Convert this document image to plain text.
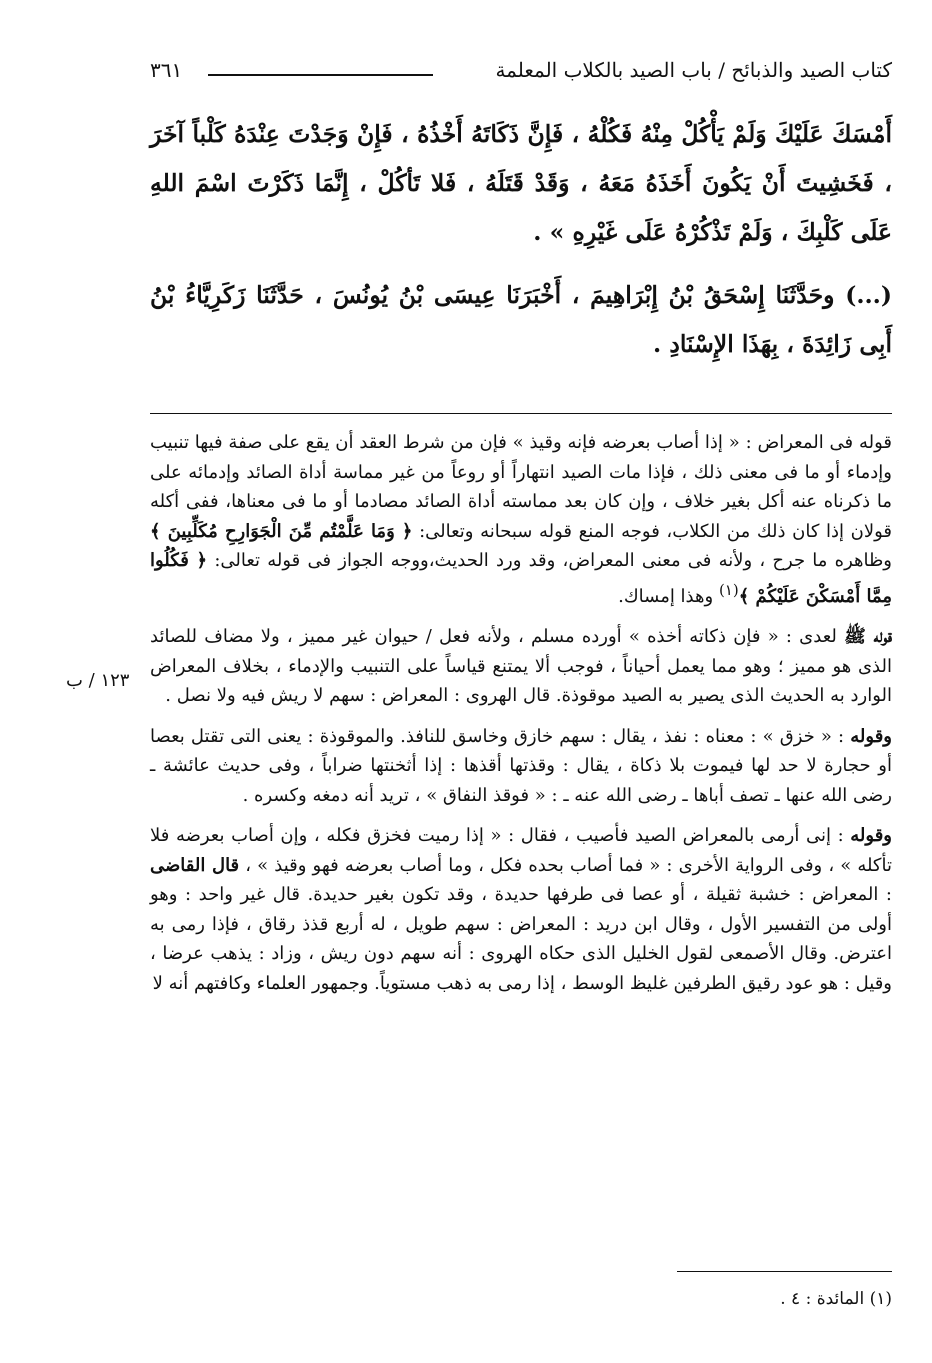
كتاب الصيد والذبائح / باب الصيد بالكلاب المعلمة
٣٦١

أَمْسَكَ عَلَيْكَ وَلَمْ يَأْكُلْ مِنْهُ فَكُلْهُ ، فَإِنَّ ذَكَاتَهُ أَخْذُهُ ، فَإِنْ وَجَدْتَ عِنْدَهُ كَلْباً آخَرَ ، فَخَشِيتَ أَنْ يَكُونَ أَخَذَهُ مَعَهُ ، وَقَدْ قَتَلَهُ ، فَلا تَأكُلْ ، إِنَّمَا ذَكَرْتَ اسْمَ اللهِ عَلَى كَلْبِكَ ، وَلَمْ تَذْكُرْهُ عَلَى غَيْرِهِ » .

(...) وحَدَّثَنَا إِسْحَقُ بْنُ إِبْرَاهِيمَ ، أَخْبَرَنَا عِيسَى بْنُ يُونُسَ ، حَدَّثَنَا زَكَرِيَّاءُ بْنُ أَبِى زَائِدَةَ ، بِهَذَا الإِسْنَادِ .

قوله فى المعراض : « إذا أصاب بعرضه فإنه وقيذ » فإن من شرط العقد أن يقع على صفة فيها تنبيب وإدماء أو ما فى معنى ذلك ، فإذا مات الصيد انتهاراً أو روعاً من غير مماسة أداة الصائد وإدمائه على ما ذكرناه عنه أكل بغير خلاف ، وإن كان بعد مماسته أداة الصائد مصادما أو ما فى معناها، ففى أكله قولان إذا كان ذلك من الكلاب، فوجه المنع قوله سبحانه وتعالى: ﴿ وَمَا عَلَّمْتُم مِّنَ الْجَوَارِحِ مُكَلِّبِينَ ﴾ وظاهره ما جرح ، ولأنه فى معنى المعراض، وقد ورد الحديث،ووجه الجواز فى قوله تعالى: ﴿ فَكُلُوا مِمَّا أَمْسَكْنَ عَلَيْكُمْ ﴾$^{(١)}$ وهذا إمساك.

قوله ﷺ لعدى : « فإن ذكاته أخذه » أورده مسلم ، ولأنه فعل / حيوان غير مميز ، ولا مضاف للصائد الذى هو مميز ؛ وهو مما يعمل أحياناً ، فوجب ألا يمتنع قياساً على التنبيب والإدماء ، بخلاف المعراض الوارد به الحديث الذى يصير به الصيد موقوذة. قال الهروى : المعراض : سهم لا ريش فيه ولا نصل .

وقوله : « خزق » : معناه : نفذ ، يقال : سهم خازق وخاسق للنافذ. والموقوذة : يعنى التى تقتل بعصا أو حجارة لا حد لها فيموت بلا ذكاة ، يقال : وقذتها أقذها : إذا أثخنتها ضراباً ، وفى حديث عائشة ـ رضى الله عنها ـ تصف أباها ـ رضى الله عنه ـ : « فوقذ النفاق » ، تريد أنه دمغه وكسره .

وقوله : إنى أرمى بالمعراض الصيد فأصيب ، فقال : « إذا رميت فخزق فكله ، وإن أصاب بعرضه فلا تأكله » ، وفى الرواية الأخرى : « فما أصاب بحده فكل ، وما أصاب بعرضه فهو وقيذ » ، قال القاضى : المعراض : خشبة ثقيلة ، أو عصا فى طرفها حديدة ، وقد تكون بغير حديدة. قال غير واحد : وهو أولى من التفسير الأول ، وقال ابن دريد : المعراض : سهم طويل ، له أربع قذذ رقاق ، فإذا رمى به اعترض. وقال الأصمعى لقول الخليل الذى حكاه الهروى : أنه سهم دون ريش ، وزاد : يذهب عرضا ، وقيل : هو عود رقيق الطرفين غليظ الوسط ، إذا رمى به ذهب مستوياً. وجمهور العلماء وكافتهم أنه لا

١٢٣ / ب
(١) المائدة : ٤ .
